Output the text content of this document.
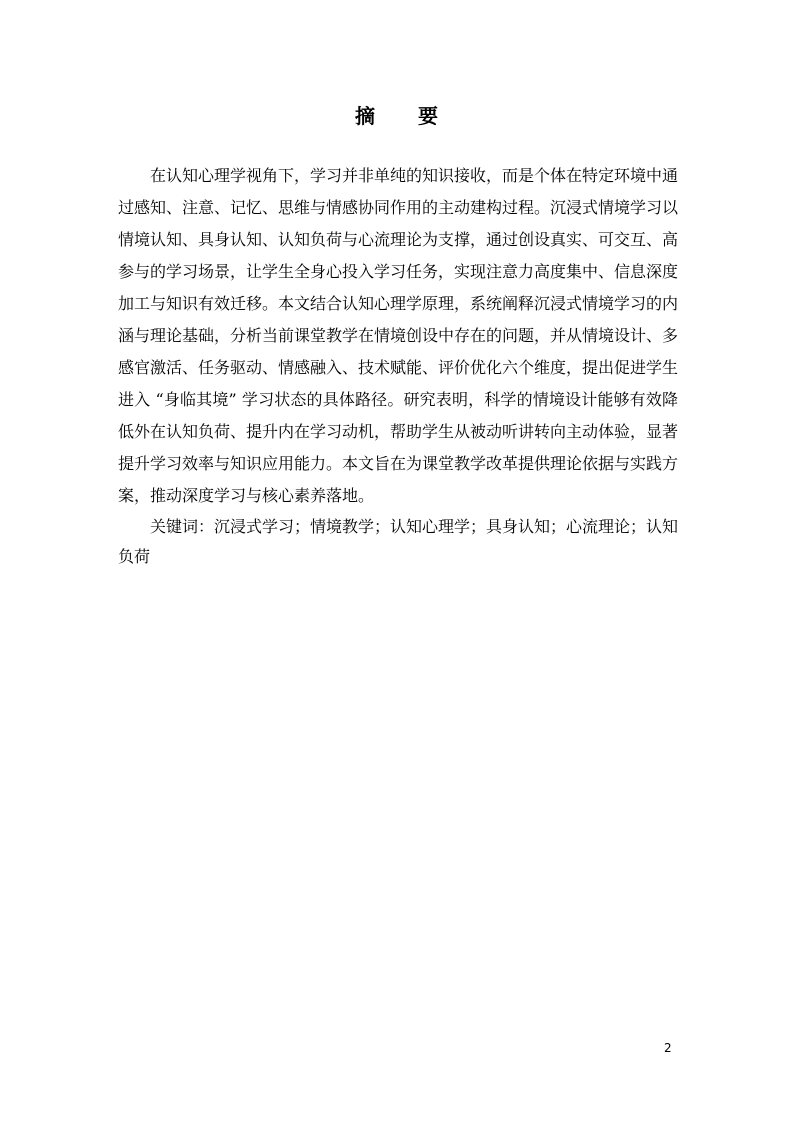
摘 要

在认知心理学视角下，学习并非单纯的知识接收，而是个体在特定环境中通过感知、注意、记忆、思维与情感协同作用的主动建构过程。沉浸式情境学习以情境认知、具身认知、认知负荷与心流理论为支撑，通过创设真实、可交互、高参与的学习场景，让学生全身心投入学习任务，实现注意力高度集中、信息深度加工与知识有效迁移。本文结合认知心理学原理，系统阐释沉浸式情境学习的内涵与理论基础，分析当前课堂教学在情境创设中存在的问题，并从情境设计、多感官激活、任务驱动、情感融入、技术赋能、评价优化六个维度，提出促进学生进入 “身临其境” 学习状态的具体路径。研究表明，科学的情境设计能够有效降低外在认知负荷、提升内在学习动机，帮助学生从被动听讲转向主动体验，显著提升学习效率与知识应用能力。本文旨在为课堂教学改革提供理论依据与实践方案，推动深度学习与核心素养落地。

关键词：沉浸式学习；情境教学；认知心理学；具身认知；心流理论；认知负荷
2
